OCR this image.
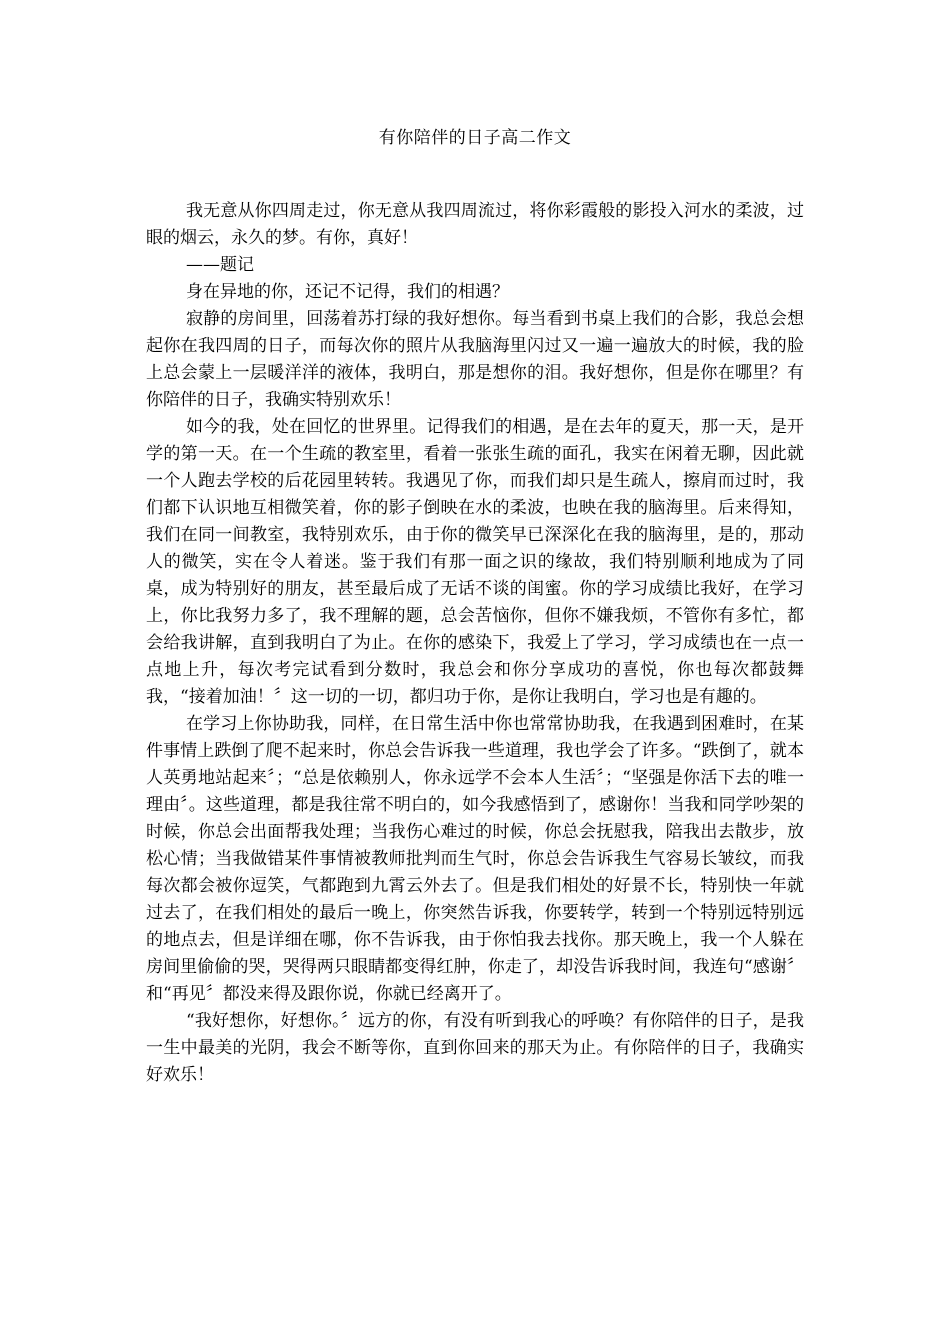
有你陪伴的日子高二作文

我无意从你四周走过，你无意从我四周流过，将你彩霞般的影投入河水的柔波，过眼的烟云，永久的梦。有你，真好！

——题记

身在异地的你，还记不记得，我们的相遇？

寂静的房间里，回荡着苏打绿的我好想你。每当看到书桌上我们的合影，我总会想起你在我四周的日子，而每次你的照片从我脑海里闪过又一遍一遍放大的时候，我的脸上总会蒙上一层暖洋洋的液体，我明白，那是想你的泪。我好想你，但是你在哪里？有你陪伴的日子，我确实特别欢乐！

如今的我，处在回忆的世界里。记得我们的相遇，是在去年的夏天，那一天，是开学的第一天。在一个生疏的教室里，看着一张张生疏的面孔，我实在闲着无聊，因此就一个人跑去学校的后花园里转转。我遇见了你，而我们却只是生疏人，擦肩而过时，我们都下认识地互相微笑着，你的影子倒映在水的柔波，也映在我的脑海里。后来得知，我们在同一间教室，我特别欢乐，由于你的微笑早已深深化在我的脑海里，是的，那动人的微笑，实在令人着迷。鉴于我们有那一面之识的缘故，我们特别顺利地成为了同桌，成为特别好的朋友，甚至最后成了无话不谈的闺蜜。你的学习成绩比我好，在学习上，你比我努力多了，我不理解的题，总会苦恼你，但你不嫌我烦，不管你有多忙，都会给我讲解，直到我明白了为止。在你的感染下，我爱上了学习，学习成绩也在一点一点地上升，每次考完试看到分数时，我总会和你分享成功的喜悦，你也每次都鼓舞我，“接着加油！〞这一切的一切，都归功于你，是你让我明白，学习也是有趣的。

在学习上你协助我，同样，在日常生活中你也常常协助我，在我遇到困难时，在某件事情上跌倒了爬不起来时，你总会告诉我一些道理，我也学会了许多。“跌倒了，就本人英勇地站起来〞；“总是依赖别人，你永远学不会本人生活〞；“坚强是你活下去的唯一理由〞。这些道理，都是我往常不明白的，如今我感悟到了，感谢你！当我和同学吵架的时候，你总会出面帮我处理；当我伤心难过的时候，你总会抚慰我，陪我出去散步，放松心情；当我做错某件事情被教师批判而生气时，你总会告诉我生气容易长皱纹，而我每次都会被你逗笑，气都跑到九霄云外去了。但是我们相处的好景不长，特别快一年就过去了，在我们相处的最后一晚上，你突然告诉我，你要转学，转到一个特别远特别远的地点去，但是详细在哪，你不告诉我，由于你怕我去找你。那天晚上，我一个人躲在房间里偷偷的哭，哭得两只眼睛都变得红肿，你走了，却没告诉我时间，我连句“感谢〞和“再见〞都没来得及跟你说，你就已经离开了。

“我好想你，好想你。〞远方的你，有没有听到我心的呼唤？有你陪伴的日子，是我一生中最美的光阴，我会不断等你，直到你回来的那天为止。有你陪伴的日子，我确实好欢乐！
